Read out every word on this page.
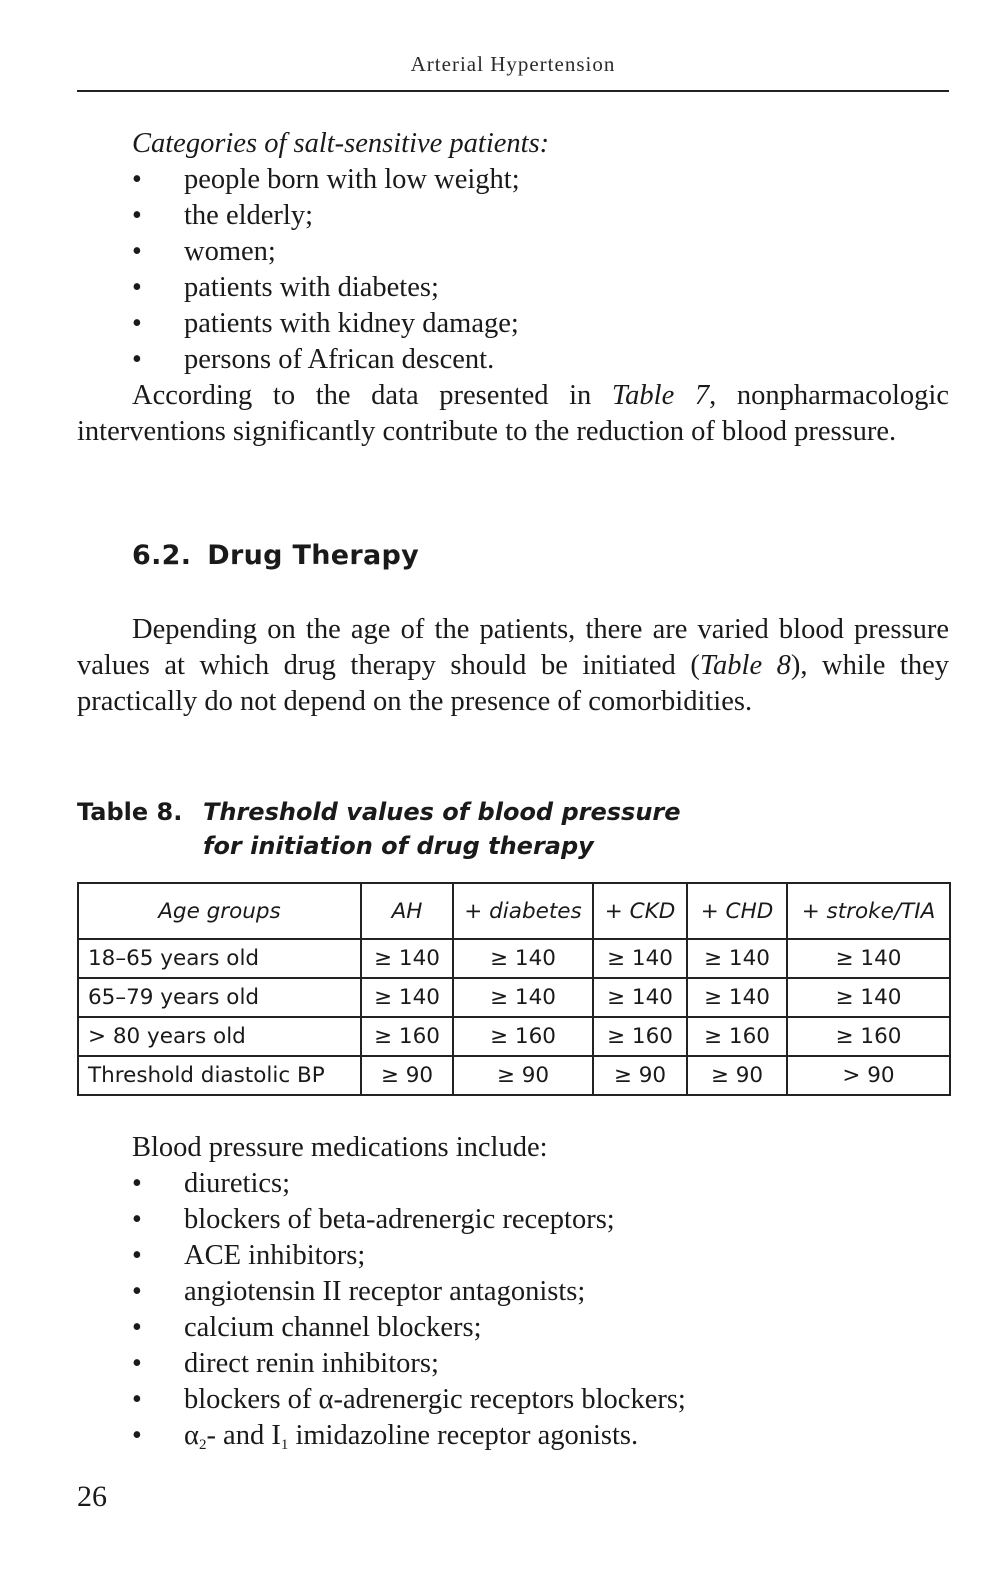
Arterial Hypertension
Categories of salt-sensitive patients:
• people born with low weight;
• the elderly;
• women;
• patients with diabetes;
• patients with kidney damage;
• persons of African descent.

According to the data presented in Table 7, nonpharmacologic interventions significantly contribute to the reduction of blood pressure.

6.2. Drug Therapy

Depending on the age of the patients, there are varied blood pressure values at which drug therapy should be initiated (Table 8), while they practically do not depend on the presence of comorbidities.

Table 8. Threshold values of blood pressure
for initiation of drug therapy
Age groups	AH	+ diabetes	+ CKD	+ CHD	+ stroke/TIA
18–65 years old	≥ 140	≥ 140	≥ 140	≥ 140	≥ 140
65–79 years old	≥ 140	≥ 140	≥ 140	≥ 140	≥ 140
> 80 years old	≥ 160	≥ 160	≥ 160	≥ 160	≥ 160
Threshold diastolic BP	≥ 90	≥ 90	≥ 90	≥ 90	> 90
Blood pressure medications include:
• diuretics;
• blockers of beta-adrenergic receptors;
• ACE inhibitors;
• angiotensin II receptor antagonists;
• calcium channel blockers;
• direct renin inhibitors;
• blockers of α-adrenergic receptors blockers;
• $\alpha_2-$ and $I_1$ imidazoline receptor agonists.
26
